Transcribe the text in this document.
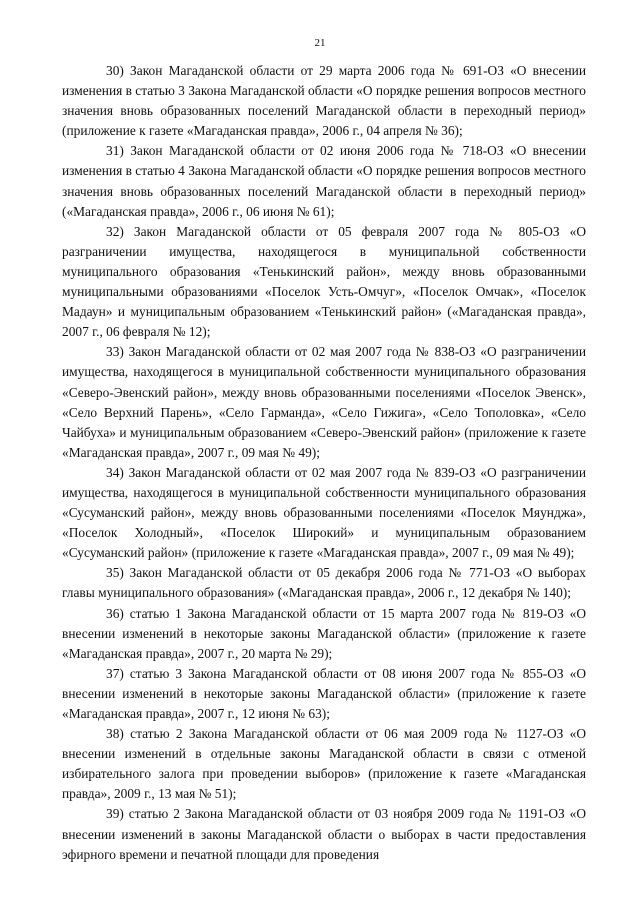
21

30) Закон Магаданской области от 29 марта 2006 года № 691-ОЗ «О внесении изменения в статью 3 Закона Магаданской области «О порядке решения вопросов местного значения вновь образованных поселений Магаданской области в переходный период» (приложение к газете «Магаданская правда», 2006 г., 04 апреля № 36);

31) Закон Магаданской области от 02 июня 2006 года № 718-ОЗ «О внесении изменения в статью 4 Закона Магаданской области «О порядке решения вопросов местного значения вновь образованных поселений Магаданской области в переходный период» («Магаданская правда», 2006 г., 06 июня № 61);

32) Закон Магаданской области от 05 февраля 2007 года № 805-ОЗ «О разграничении имущества, находящегося в муниципальной собственности муниципального образования «Тенькинский район», между вновь образованными муниципальными образованиями «Поселок Усть-Омчуг», «Поселок Омчак», «Поселок Мадаун» и муниципальным образованием «Тенькинский район» («Магаданская правда», 2007 г., 06 февраля № 12);

33) Закон Магаданской области от 02 мая 2007 года № 838-ОЗ «О разграничении имущества, находящегося в муниципальной собственности муниципального образования «Северо-Эвенский район», между вновь образованными поселениями «Поселок Эвенск», «Село Верхний Парень», «Село Гарманда», «Село Гижига», «Село Тополовка», «Село Чайбуха» и муниципальным образованием «Северо-Эвенский район» (приложение к газете «Магаданская правда», 2007 г., 09 мая № 49);

34) Закон Магаданской области от 02 мая 2007 года № 839-ОЗ «О разграничении имущества, находящегося в муниципальной собственности муниципального образования «Сусуманский район», между вновь образованными поселениями «Поселок Мяунджа», «Поселок Холодный», «Поселок Широкий» и муниципальным образованием «Сусуманский район» (приложение к газете «Магаданская правда», 2007 г., 09 мая № 49);

35) Закон Магаданской области от 05 декабря 2006 года № 771-ОЗ «О выборах главы муниципального образования» («Магаданская правда», 2006 г., 12 декабря № 140);

36) статью 1 Закона Магаданской области от 15 марта 2007 года № 819-ОЗ «О внесении изменений в некоторые законы Магаданской области» (приложение к газете «Магаданская правда», 2007 г., 20 марта № 29);

37) статью 3 Закона Магаданской области от 08 июня 2007 года № 855-ОЗ «О внесении изменений в некоторые законы Магаданской области» (приложение к газете «Магаданская правда», 2007 г., 12 июня № 63);

38) статью 2 Закона Магаданской области от 06 мая 2009 года № 1127-ОЗ «О внесении изменений в отдельные законы Магаданской области в связи с отменой избирательного залога при проведении выборов» (приложение к газете «Магаданская правда», 2009 г., 13 мая № 51);

39) статью 2 Закона Магаданской области от 03 ноября 2009 года № 1191-ОЗ «О внесении изменений в законы Магаданской области о выборах в части предоставления эфирного времени и печатной площади для проведения
